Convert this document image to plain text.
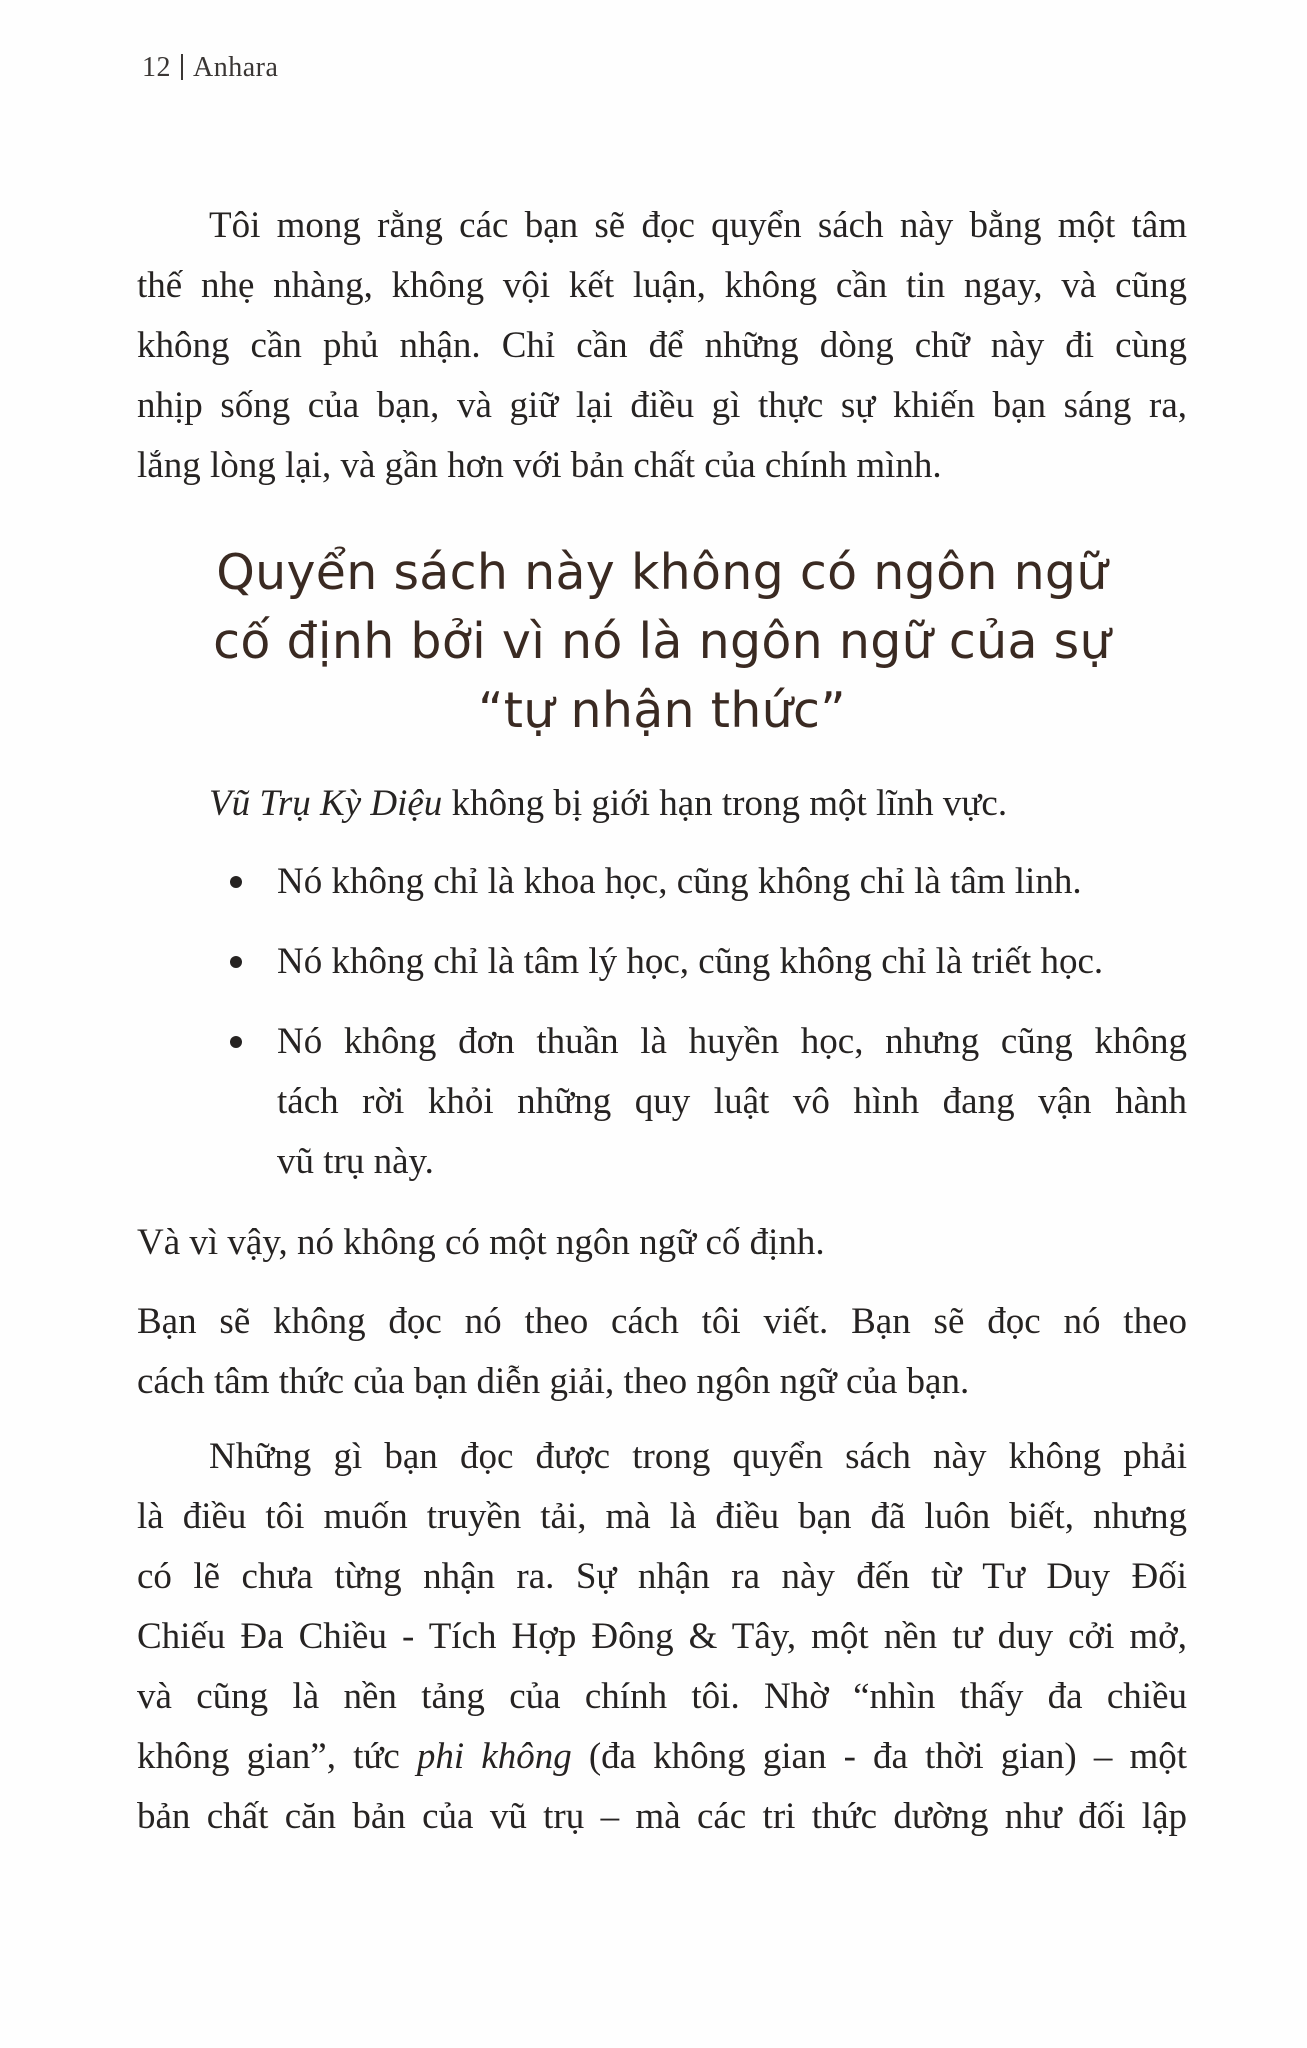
12 Anhara
Tôi mong rằng các bạn sẽ đọc quyển sách này bằng một tâm
thế nhẹ nhàng, không vội kết luận, không cần tin ngay, và cũng
không cần phủ nhận. Chỉ cần để những dòng chữ này đi cùng
nhịp sống của bạn, và giữ lại điều gì thực sự khiến bạn sáng ra,
lắng lòng lại, và gần hơn với bản chất của chính mình.
Quyển sách này không có ngôn ngữ
cố định bởi vì nó là ngôn ngữ của sự
“tự nhận thức”
Vũ Trụ Kỳ Diệu không bị giới hạn trong một lĩnh vực.
Nó không chỉ là khoa học, cũng không chỉ là tâm linh.
Nó không chỉ là tâm lý học, cũng không chỉ là triết học.
Nó không đơn thuần là huyền học, nhưng cũng không
tách rời khỏi những quy luật vô hình đang vận hành
vũ trụ này.
Và vì vậy, nó không có một ngôn ngữ cố định.
Bạn sẽ không đọc nó theo cách tôi viết. Bạn sẽ đọc nó theo
cách tâm thức của bạn diễn giải, theo ngôn ngữ của bạn.
Những gì bạn đọc được trong quyển sách này không phải
là điều tôi muốn truyền tải, mà là điều bạn đã luôn biết, nhưng
có lẽ chưa từng nhận ra. Sự nhận ra này đến từ Tư Duy Đối
Chiếu Đa Chiều - Tích Hợp Đông & Tây, một nền tư duy cởi mở,
và cũng là nền tảng của chính tôi. Nhờ “nhìn thấy đa chiều
không gian”, tức phi không (đa không gian - đa thời gian) – một
bản chất căn bản của vũ trụ – mà các tri thức dường như đối lập
